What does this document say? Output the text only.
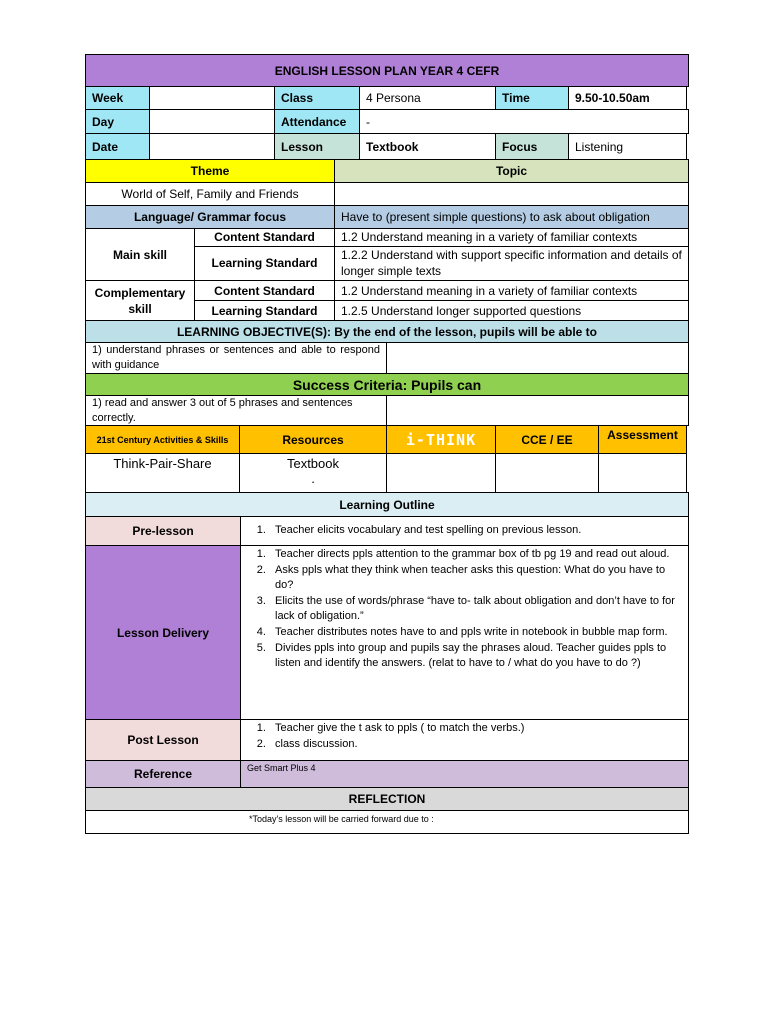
ENGLISH LESSON PLAN YEAR 4 CEFR
Week	Class	4 Persona	Time	9.50-10.50am
Day	Attendance	-
Date	Lesson	Textbook	Focus	Listening
Theme	Topic
World of Self, Family and Friends
Language/ Grammar focus	Have to (present simple questions) to ask about obligation
Main skill
Content Standard	1.2 Understand meaning in a variety of familiar contexts
Learning Standard
1.2.2 Understand with support specific information and details of longer simple texts
Complementary skill
Content Standard	1.2 Understand meaning in a variety of familiar contexts
Learning Standard	1.2.5 Understand longer supported questions
LEARNING OBJECTIVE(S): By the end of the lesson, pupils will be able to
1) understand phrases or sentences and able to respond with guidance
Success Criteria: Pupils can
1) read and answer 3 out of 5 phrases and sentences correctly.
21st Century Activities & Skills	Resources	i-THINK	CCE / EE	Assessment
Think-Pair-Share	Textbook
.
Learning Outline
Pre-lesson
1.	Teacher elicits vocabulary and test spelling on previous lesson.
Lesson Delivery
1. Teacher directs ppls attention to the grammar box of tb pg 19 and read out aloud.
2. Asks ppls what they think when teacher asks this question: What do you have to do?
3. Elicits the use of words/phrase “have to- talk about obligation and don’t have to for lack of obligation.”
4. Teacher distributes notes have to and ppls write in notebook in bubble map form.
5. Divides ppls into group and pupils say the phrases aloud. Teacher guides ppls to listen and identify the answers. (relat to have to / what do you have to do ?)
Post Lesson
1. Teacher give the t ask to ppls ( to match the verbs.)
2. class discussion.
Reference	Get Smart Plus 4
REFLECTION
*Today's lesson will be carried forward due to :
